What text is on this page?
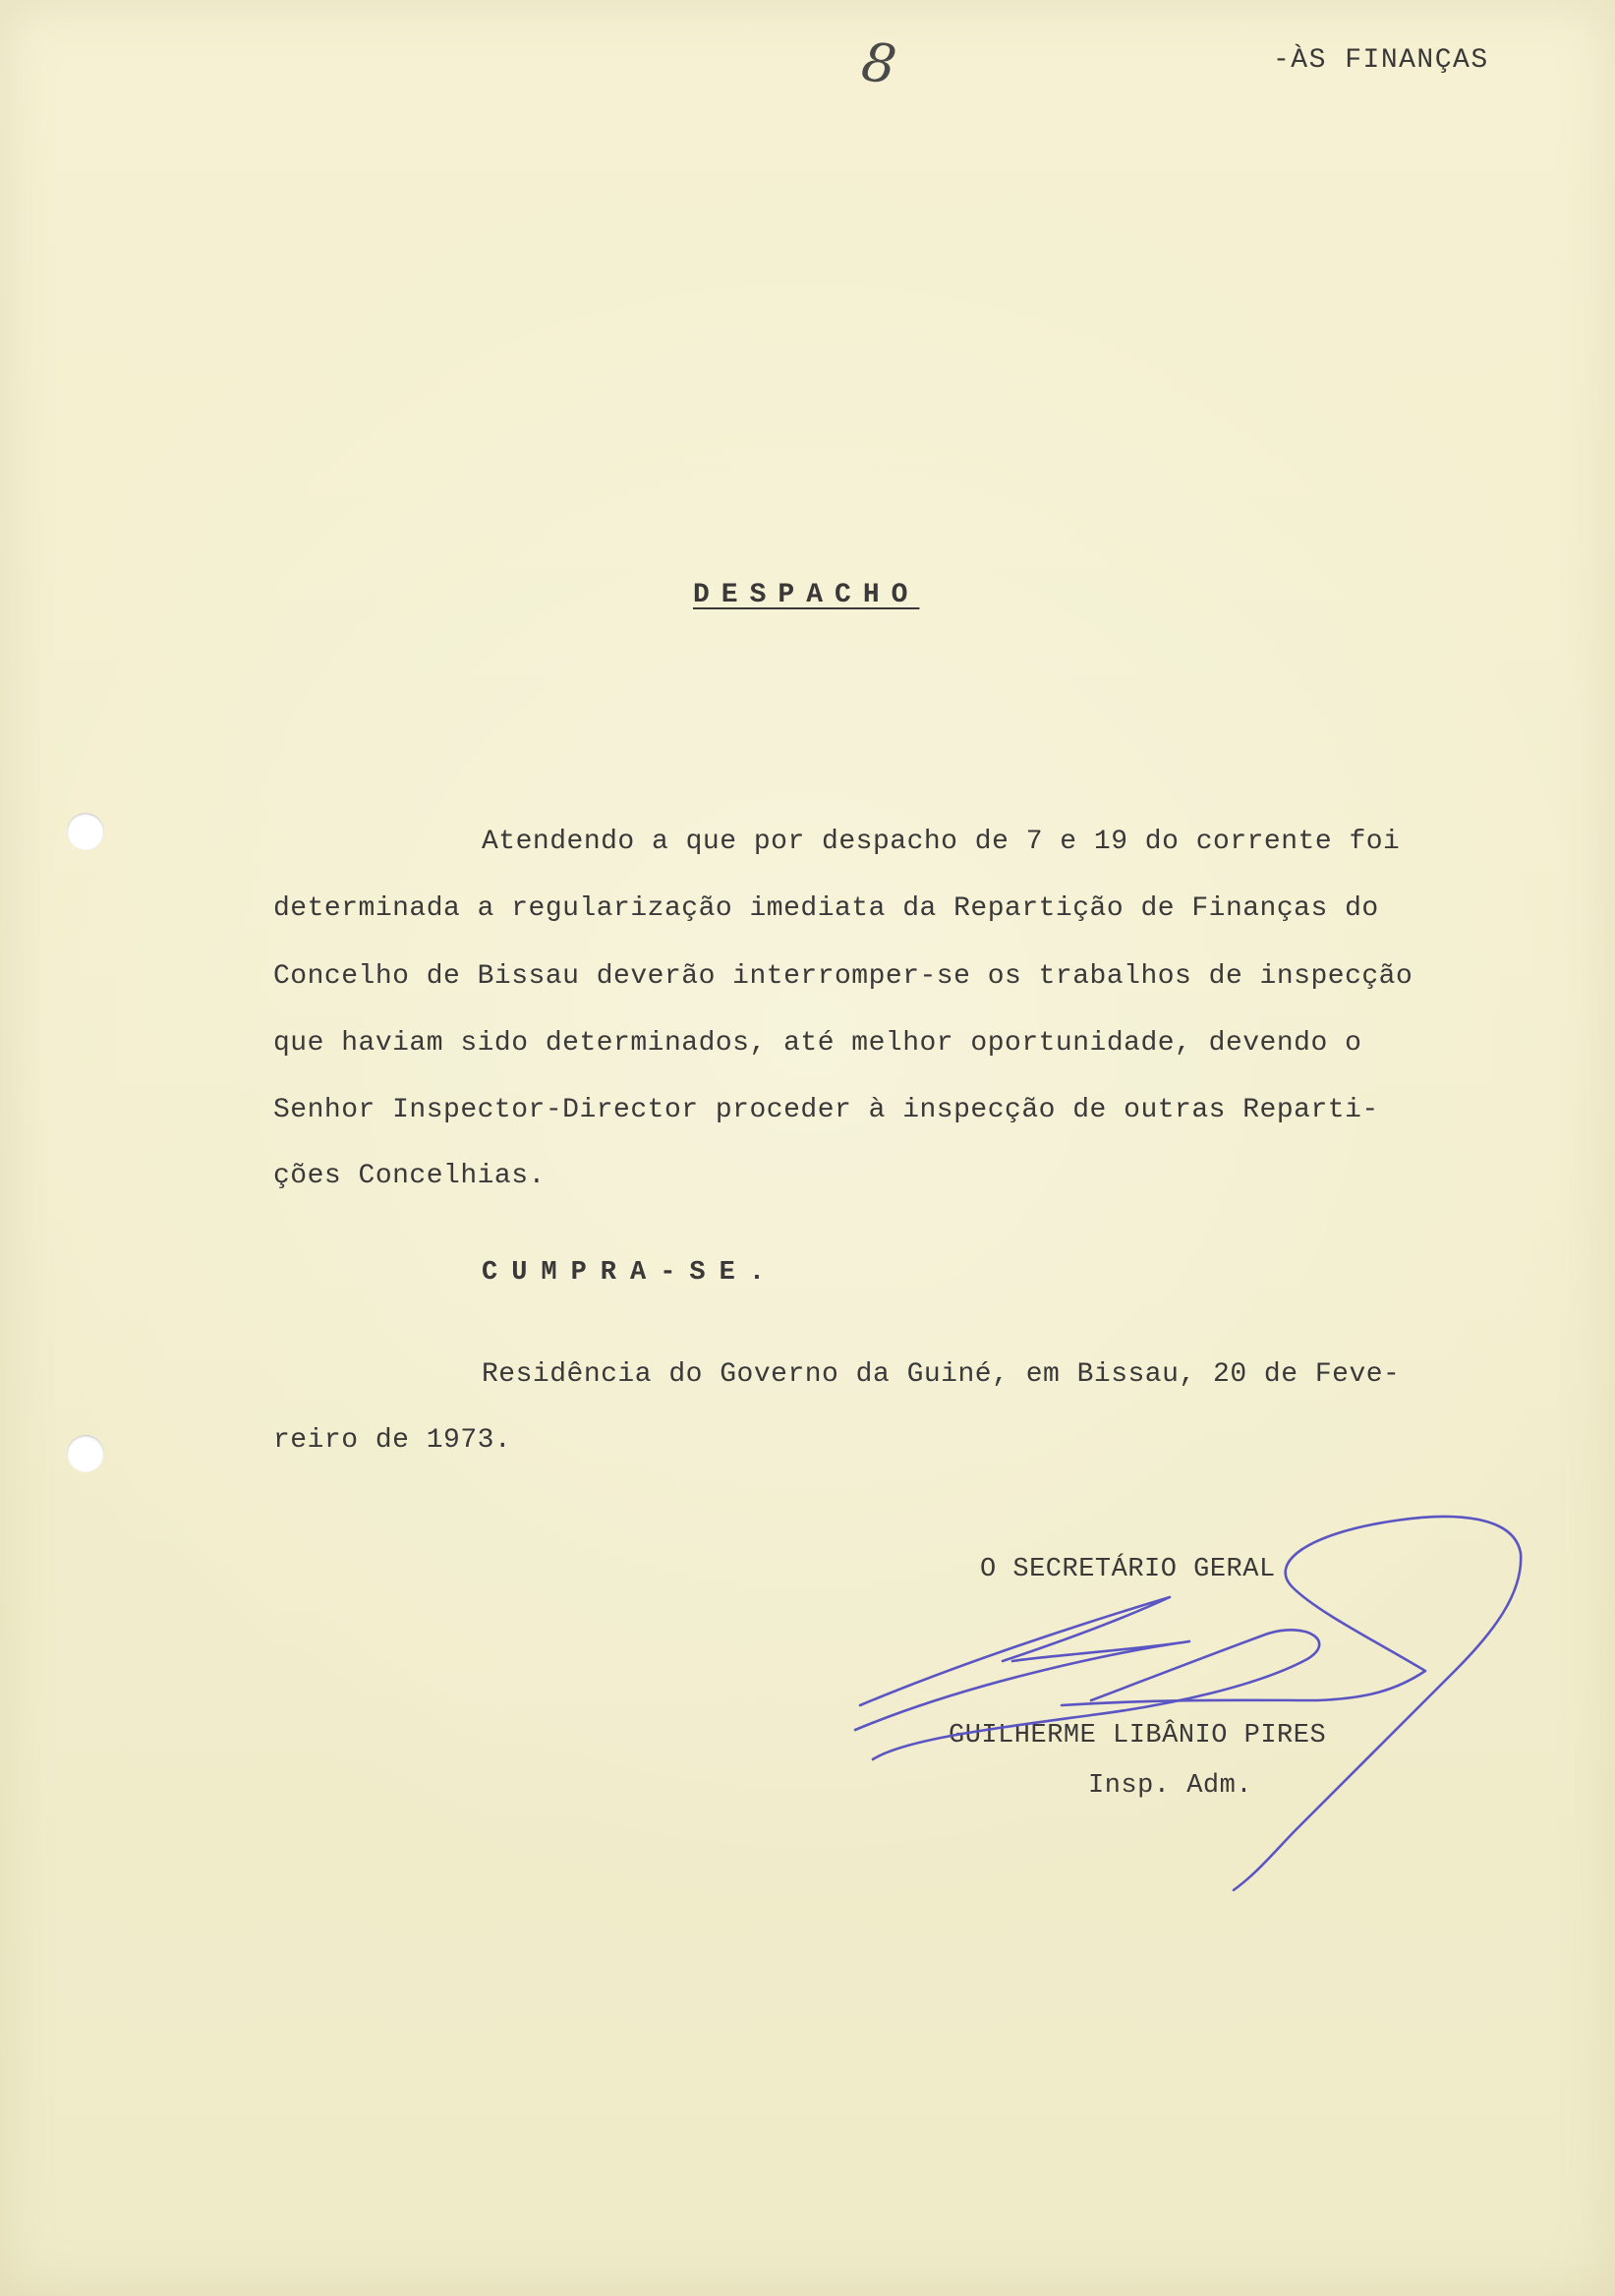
8	-ÀS FINANÇAS
DESPACHO
Atendendo a que por despacho de 7 e 19 do corrente foi
determinada a regularização imediata da Repartição de Finanças do
Concelho de Bissau deverão interromper-se os trabalhos de inspecção
que haviam sido determinados, até melhor oportunidade, devendo o
Senhor Inspector-Director proceder à inspecção de outras Reparti-
ções Concelhias.
CUMPRA-SE.
Residência do Governo da Guiné, em Bissau, 20 de Feve-
reiro de 1973.
O SECRETÁRIO GERAL
GUILHERME LIBÂNIO PIRES
Insp. Adm.
